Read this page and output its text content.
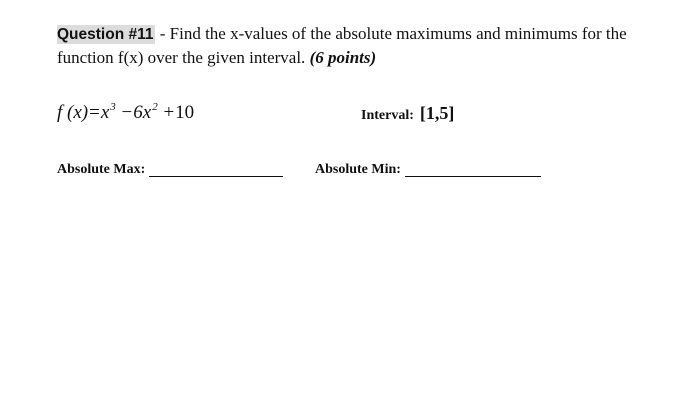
Question #11 - Find the x-values of the absolute maximums and minimums for the function f(x) over the given interval. (6 points)
f $(x)=x^3 -6x^2 +10$	Interval: [1,5]
Absolute Max:	Absolute Min:
